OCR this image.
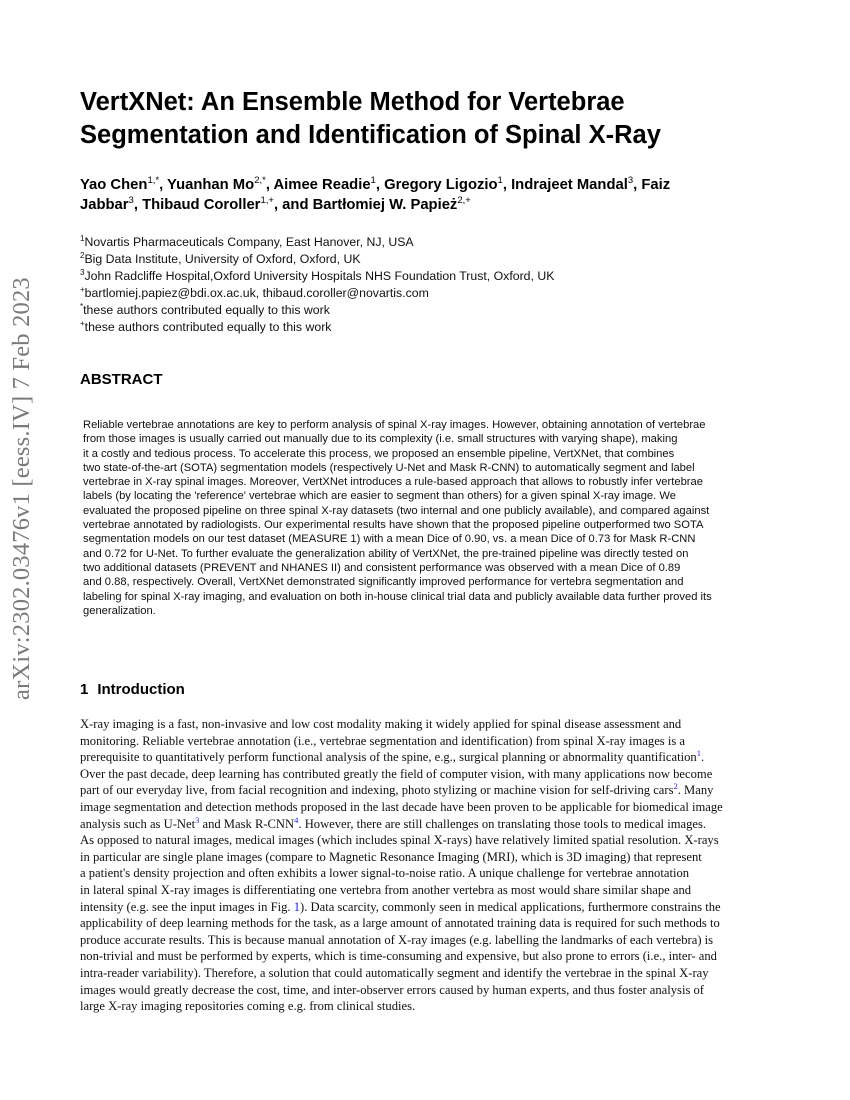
arXiv:2302.03476v1 [eess.IV] 7 Feb 2023
VertXNet: An Ensemble Method for Vertebrae
Segmentation and Identification of Spinal X-Ray
Yao Chen$^{1,*}$, Yuanhan $Mo^{2,*}$, Aimee Readie$^1$, Gregory Ligozio$^1$, Indrajeet Mandal$^3$, Faiz
Jabbar$^3$, Thibaud Coroller$^{1,+}$, and Bartłomiej W. Papież$^{2,+}$
$^1$Novartis Pharmaceuticals Company, East Hanover, NJ, USA
$^2$Big Data Institute, University of Oxford, Oxford, UK
$^3$John Radcliffe Hospital,Oxford University Hospitals NHS Foundation Trust, Oxford, UK
+bartlomiej.papiez@bdi.ox.ac.uk, thibaud.coroller@novartis.com
*these authors contributed equally to this work
+these authors contributed equally to this work
ABSTRACT
Reliable vertebrae annotations are key to perform analysis of spinal X-ray images. However, obtaining annotation of vertebrae
from those images is usually carried out manually due to its complexity (i.e. small structures with varying shape), making
it a costly and tedious process. To accelerate this process, we proposed an ensemble pipeline, VertXNet, that combines
two state-of-the-art (SOTA) segmentation models (respectively U-Net and Mask R-CNN) to automatically segment and label
vertebrae in X-ray spinal images. Moreover, VertXNet introduces a rule-based approach that allows to robustly infer vertebrae
labels (by locating the 'reference' vertebrae which are easier to segment than others) for a given spinal X-ray image. We
evaluated the proposed pipeline on three spinal X-ray datasets (two internal and one publicly available), and compared against
vertebrae annotated by radiologists. Our experimental results have shown that the proposed pipeline outperformed two SOTA
segmentation models on our test dataset (MEASURE 1) with a mean Dice of 0.90, vs. a mean Dice of 0.73 for Mask R-CNN
and 0.72 for U-Net. To further evaluate the generalization ability of VertXNet, the pre-trained pipeline was directly tested on
two additional datasets (PREVENT and NHANES II) and consistent performance was observed with a mean Dice of 0.89
and 0.88, respectively. Overall, VertXNet demonstrated significantly improved performance for vertebra segmentation and
labeling for spinal X-ray imaging, and evaluation on both in-house clinical trial data and publicly available data further proved its
generalization.
1 Introduction
X-ray imaging is a fast, non-invasive and low cost modality making it widely applied for spinal disease assessment and
monitoring. Reliable vertebrae annotation (i.e., vertebrae segmentation and identification) from spinal X-ray images is a
prerequisite to quantitatively perform functional analysis of the spine, e.g., surgical planning or abnormality quantification$^1$.
Over the past decade, deep learning has contributed greatly the field of computer vision, with many applications now become
part of our everyday live, from facial recognition and indexing, photo stylizing or machine vision for self-driving cars$^2$. Many
image segmentation and detection methods proposed in the last decade have been proven to be applicable for biomedical image
analysis such as U-Net$^3$ and Mask R-CNN$^4$. However, there are still challenges on translating those tools to medical images.
As opposed to natural images, medical images (which includes spinal X-rays) have relatively limited spatial resolution. X-rays
in particular are single plane images (compare to Magnetic Resonance Imaging (MRI), which is 3D imaging) that represent
a patient's density projection and often exhibits a lower signal-to-noise ratio. A unique challenge for vertebrae annotation
in lateral spinal X-ray images is differentiating one vertebra from another vertebra as most would share similar shape and
intensity (e.g. see the input images in Fig. 1). Data scarcity, commonly seen in medical applications, furthermore constrains the
applicability of deep learning methods for the task, as a large amount of annotated training data is required for such methods to
produce accurate results. This is because manual annotation of X-ray images (e.g. labelling the landmarks of each vertebra) is
non-trivial and must be performed by experts, which is time-consuming and expensive, but also prone to errors (i.e., inter- and
intra-reader variability). Therefore, a solution that could automatically segment and identify the vertebrae in the spinal X-ray
images would greatly decrease the cost, time, and inter-observer errors caused by human experts, and thus foster analysis of
large X-ray imaging repositories coming e.g. from clinical studies.
